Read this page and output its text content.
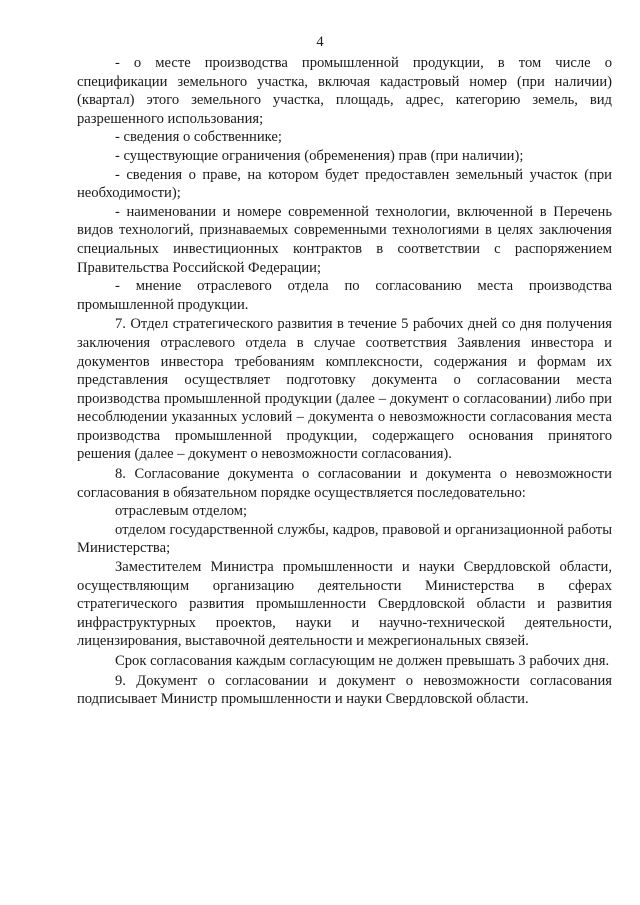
4

- о месте производства промышленной продукции, в том числе о спецификации земельного участка, включая кадастровый номер (при наличии) (квартал) этого земельного участка, площадь, адрес, категорию земель, вид разрешенного использования;

- сведения о собственнике;

- существующие ограничения (обременения) прав (при наличии);

- сведения о праве, на котором будет предоставлен земельный участок (при необходимости);

- наименовании и номере современной технологии, включенной в Перечень видов технологий, признаваемых современными технологиями в целях заключения специальных инвестиционных контрактов в соответствии с распоряжением Правительства Российской Федерации;

- мнение отраслевого отдела по согласованию места производства промышленной продукции.

7. Отдел стратегического развития в течение 5 рабочих дней со дня получения заключения отраслевого отдела в случае соответствия Заявления инвестора и документов инвестора требованиям комплексности, содержания и формам их представления осуществляет подготовку документа о согласовании места производства промышленной продукции (далее – документ о согласовании) либо при несоблюдении указанных условий – документа о невозможности согласования места производства промышленной продукции, содержащего основания принятого решения (далее – документ о невозможности согласования).

8. Согласование документа о согласовании и документа о невозможности согласования в обязательном порядке осуществляется последовательно:

отраслевым отделом;

отделом государственной службы, кадров, правовой и организационной работы Министерства;

Заместителем Министра промышленности и науки Свердловской области, осуществляющим организацию деятельности Министерства в сферах стратегического развития промышленности Свердловской области и развития инфраструктурных проектов, науки и научно-технической деятельности, лицензирования, выставочной деятельности и межрегиональных связей.

Срок согласования каждым согласующим не должен превышать 3 рабочих дня.

9. Документ о согласовании и документ о невозможности согласования подписывает Министр промышленности и науки Свердловской области.
